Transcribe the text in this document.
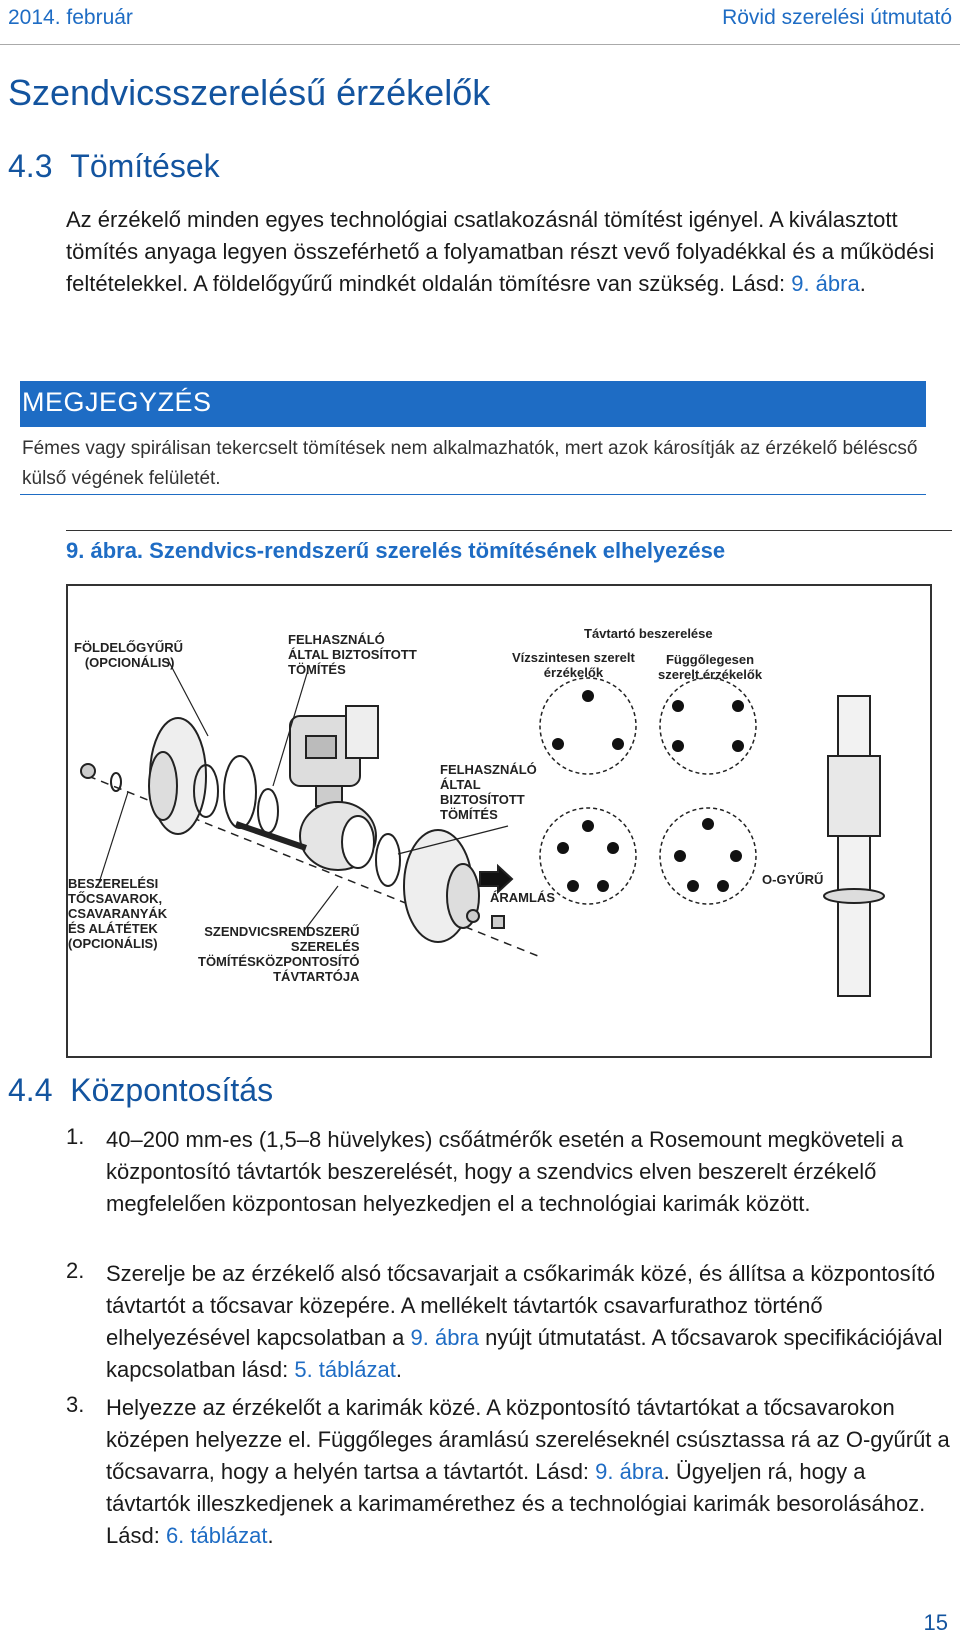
2014. február	Rövid szerelési útmutató
Szendvicsszerelésű érzékelők
4.3 Tömítések
Az érzékelő minden egyes technológiai csatlakozásnál tömítést igényel. A kiválasztott tömítés anyaga legyen összeférhető a folyamatban részt vevő folyadékkal és a működési feltételekkel. A földelőgyűrű mindkét oldalán tömítésre van szükség. Lásd: 9. ábra.
MEGJEGYZÉS
Fémes vagy spirálisan tekercselt tömítések nem alkalmazhatók, mert azok károsítják az érzékelő béléscső külső végének felületét.
9. ábra. Szendvics-rendszerű szerelés tömítésének elhelyezése
FÖLDELŐGYŰRŰ
(OPCIONÁLIS)
FELHASZNÁLÓ
ÁLTAL BIZTOSÍTOTT
TÖMÍTÉS
Távtartó beszerelése
Vízszintesen szerelt
érzékelők
Függőlegesen
szerelt érzékelők
FELHASZNÁLÓ
ÁLTAL
BIZTOSÍTOTT
TÖMÍTÉS
ÁRAMLÁS
O-GYŰRŰ
BESZERELÉSI
TŐCSAVAROK,
CSAVARANYÁK
ÉS ALÁTÉTEK
(OPCIONÁLIS)
SZENDVICSRENDSZERŰ
SZERELÉS
TÖMÍTÉSKÖZPONTOSÍTÓ
TÁVTARTÓJA
4.4 Központosítás
1. 40–200 mm-es (1,5–8 hüvelykes) csőátmérők esetén a Rosemount megköveteli a központosító távtartók beszerelését, hogy a szendvics elven beszerelt érzékelő megfelelően központosan helyezkedjen el a technológiai karimák között.
2. Szerelje be az érzékelő alsó tőcsavarjait a csőkarimák közé, és állítsa a központosító távtartót a tőcsavar közepére. A mellékelt távtartók csavarfurathoz történő elhelyezésével kapcsolatban a 9. ábra nyújt útmutatást. A tőcsavarok specifikációjával kapcsolatban lásd: 5. táblázat.
3. Helyezze az érzékelőt a karimák közé. A központosító távtartókat a tőcsavarokon középen helyezze el. Függőleges áramlású szereléseknél csúsztassa rá az O-gyűrűt a tőcsavarra, hogy a helyén tartsa a távtartót. Lásd: 9. ábra. Ügyeljen rá, hogy a távtartók illeszkedjenek a karimamérethez és a technológiai karimák besorolásához. Lásd: 6. táblázat.
15
